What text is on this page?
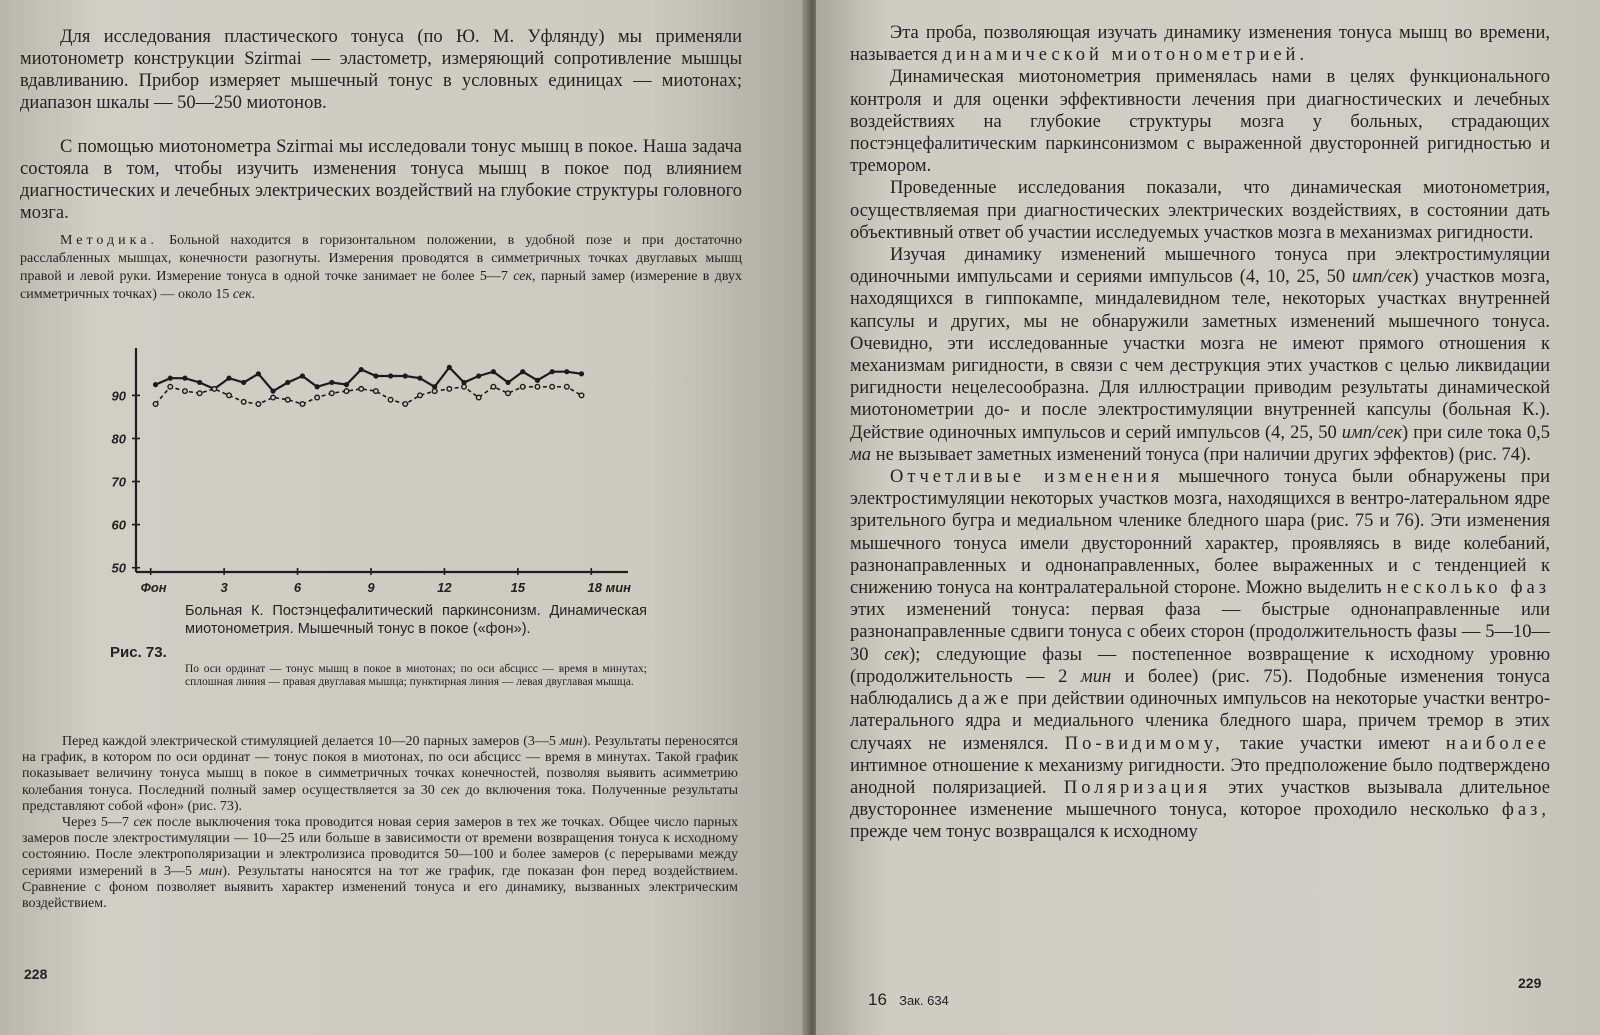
Для исследования пластического тонуса (по Ю. М. Уфлянду) мы применяли миотонометр конструкции Szirmai — эластометр, измеряющий сопротивление мышцы вдавливанию. Прибор измеряет мышечный тонус в условных единицах — миотонах; диапазон шкалы — 50—250 миотонов.

С помощью миотонометра Szirmai мы исследовали тонус мышц в покое. Наша задача состояла в том, чтобы изучить изменения тонуса мышц в покое под влиянием диагностических и лечебных электрических воздействий на глубокие структуры головного мозга.

Методика. Больной находится в горизонтальном положении, в удобной позе и при достаточно расслабленных мышцах, конечности разогнуты. Измерения проводятся в симметричных точках двуглавых мышц правой и левой руки. Измерение тонуса в одной точке занимает не более 5—7 сек, парный замер (измерение в двух симметричных точках) — около 15 сек.

50
60
70
80
90
Фон	3	6	9	12	15	18 мин
Рис. 73.

Больная К. Постэнцефалитический паркинсонизм. Динамическая миотонометрия. Мышечный тонус в покое («фон»).

По оси ординат — тонус мышц в покое в миотонах; по оси абсцисс — время в минутах; сплошная линия — правая двуглавая мышца; пунктирная линия — левая двуглавая мышца.

Перед каждой электрической стимуляцией делается 10—20 парных замеров (3—5 мин). Результаты переносятся на график, в котором по оси ординат — тонус покоя в миотонах, по оси абсцисс — время в минутах. Такой график показывает величину тонуса мышц в покое в симметричных точках конечностей, позволяя выявить асимметрию колебания тонуса. Последний полный замер осуществляется за 30 сек до включения тока. Полученные результаты представляют собой «фон» (рис. 73).

Через 5—7 сек после выключения тока проводится новая серия замеров в тех же точках. Общее число парных замеров после электростимуляции — 10—25 или больше в зависимости от времени возвращения тонуса к исходному состоянию. После электрополяризации и электролизиса проводится 50—100 и более замеров (с перерывами между сериями измерений в 3—5 мин). Результаты наносятся на тот же график, где показан фон перед воздействием. Сравнение с фоном позволяет выявить характер изменений тонуса и его динамику, вызванных электрическим воздействием.

228

Эта проба, позволяющая изучать динамику изменения тонуса мышц во времени, называется динамической миотонометрией.

Динамическая миотонометрия применялась нами в целях функционального контроля и для оценки эффективности лечения при диагностических и лечебных воздействиях на глубокие структуры мозга у больных, страдающих постэнцефалитическим паркинсонизмом с выраженной двусторонней ригидностью и тремором.

Проведенные исследования показали, что динамическая миотонометрия, осуществляемая при диагностических электрических воздействиях, в состоянии дать объективный ответ об участии исследуемых участков мозга в механизмах ригидности.

Изучая динамику изменений мышечного тонуса при электростимуляции одиночными импульсами и сериями импульсов (4, 10, 25, 50 имп/сек) участков мозга, находящихся в гиппокампе, миндалевидном теле, некоторых участках внутренней капсулы и других, мы не обнаружили заметных изменений мышечного тонуса. Очевидно, эти исследованные участки мозга не имеют прямого отношения к механизмам ригидности, в связи с чем деструкция этих участков с целью ликвидации ригидности нецелесообразна. Для иллюстрации приводим результаты динамической миотонометрии до- и после электростимуляции внутренней капсулы (больная К.). Действие одиночных импульсов и серий импульсов (4, 25, 50 имп/сек) при силе тока 0,5 ма не вызывает заметных изменений тонуса (при наличии других эффектов) (рис. 74).

Отчетливые изменения мышечного тонуса были обнаружены при электростимуляции некоторых участков мозга, находящихся в вентро-латеральном ядре зрительного бугра и медиальном членике бледного шара (рис. 75 и 76). Эти изменения мышечного тонуса имели двусторонний характер, проявляясь в виде колебаний, разнонаправленных и однонаправленных, более выраженных и с тенденцией к снижению тонуса на контралатеральной стороне. Можно выделить несколько фаз этих изменений тонуса: первая фаза — быстрые однонаправленные или разнонаправленные сдвиги тонуса с обеих сторон (продолжительность фазы — 5—10—30 сек); следующие фазы — постепенное возвращение к исходному уровню (продолжительность — 2 мин и более) (рис. 75). Подобные изменения тонуса наблюдались даже при действии одиночных импульсов на некоторые участки вентро-латерального ядра и медиального членика бледного шара, причем тремор в этих случаях не изменялся. По-видимому, такие участки имеют наиболее интимное отношение к механизму ригидности. Это предположение было подтверждено анодной поляризацией. Поляризация этих участков вызывала длительное двустороннее изменение мышечного тонуса, которое проходило несколько фаз, прежде чем тонус возвращался к исходному

16 Зак. 634
229
